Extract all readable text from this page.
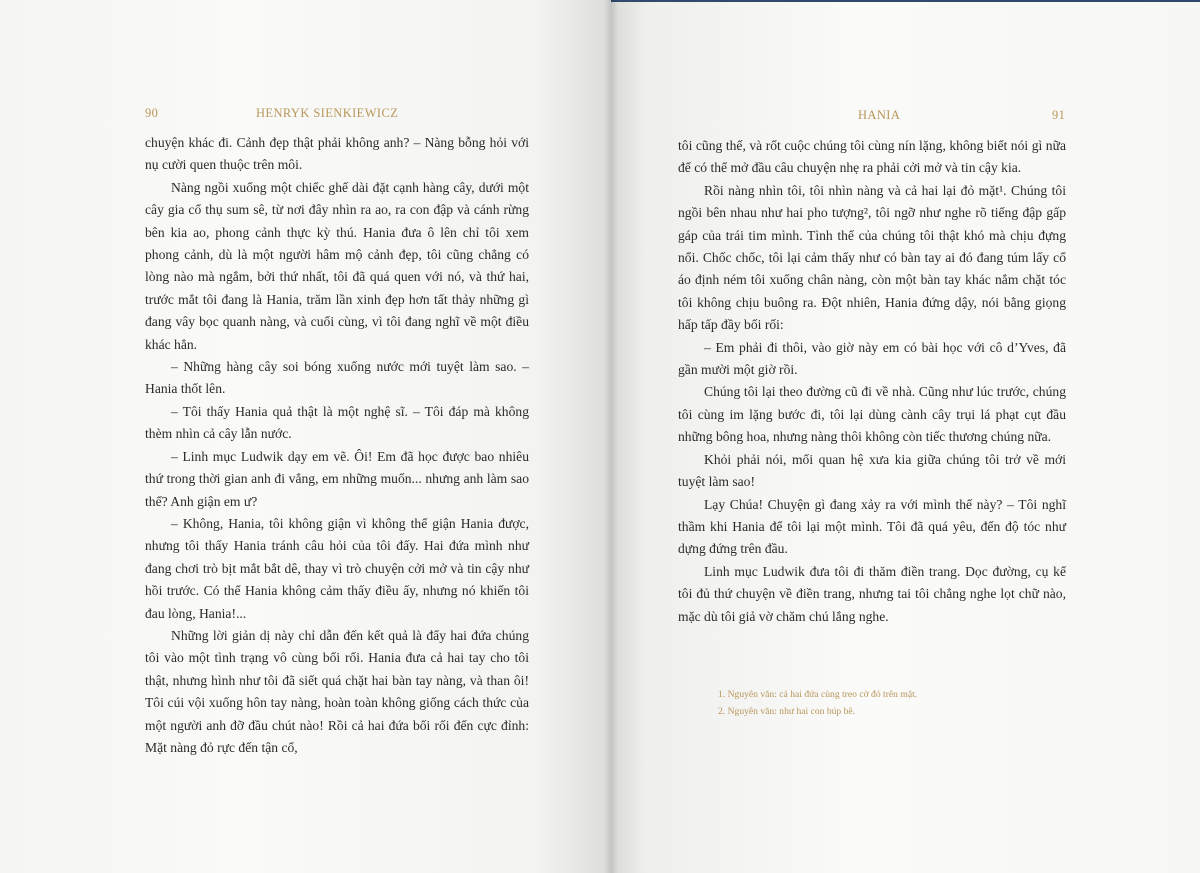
90	HENRYK SIENKIEWICZ

chuyện khác đi. Cảnh đẹp thật phải không anh? – Nàng bỗng hỏi với nụ cười quen thuộc trên môi.

Nàng ngồi xuống một chiếc ghế dài đặt cạnh hàng cây, dưới một cây gia cổ thụ sum sê, từ nơi đây nhìn ra ao, ra con đập và cánh rừng bên kia ao, phong cảnh thực kỳ thú. Hania đưa ô lên chỉ tôi xem phong cảnh, dù là một người hâm mộ cảnh đẹp, tôi cũng chẳng có lòng nào mà ngắm, bởi thứ nhất, tôi đã quá quen với nó, và thứ hai, trước mắt tôi đang là Hania, trăm lần xinh đẹp hơn tất thảy những gì đang vây bọc quanh nàng, và cuối cùng, vì tôi đang nghĩ về một điều khác hẳn.

– Những hàng cây soi bóng xuống nước mới tuyệt làm sao. – Hania thốt lên.

– Tôi thấy Hania quả thật là một nghệ sĩ. – Tôi đáp mà không thèm nhìn cả cây lẫn nước.

– Linh mục Ludwik dạy em vẽ. Ôi! Em đã học được bao nhiêu thứ trong thời gian anh đi vắng, em những muốn... nhưng anh làm sao thế? Anh giận em ư?

– Không, Hania, tôi không giận vì không thể giận Hania được, nhưng tôi thấy Hania tránh câu hỏi của tôi đấy. Hai đứa mình như đang chơi trò bịt mắt bắt dê, thay vì trò chuyện cởi mở và tin cậy như hồi trước. Có thể Hania không cảm thấy điều ấy, nhưng nó khiến tôi đau lòng, Hania!...

Những lời giản dị này chỉ dẫn đến kết quả là đẩy hai đứa chúng tôi vào một tình trạng vô cùng bối rối. Hania đưa cả hai tay cho tôi thật, nhưng hình như tôi đã siết quá chặt hai bàn tay nàng, và than ôi! Tôi cúi vội xuống hôn tay nàng, hoàn toàn không giống cách thức của một người anh đỡ đầu chút nào! Rồi cả hai đứa bối rối đến cực đỉnh: Mặt nàng đỏ rực đến tận cổ,

HANIA	91

tôi cũng thế, và rốt cuộc chúng tôi cùng nín lặng, không biết nói gì nữa để có thể mở đầu câu chuyện nhẹ ra phải cởi mở và tin cậy kia.

Rồi nàng nhìn tôi, tôi nhìn nàng và cả hai lại đỏ mặt¹. Chúng tôi ngồi bên nhau như hai pho tượng², tôi ngỡ như nghe rõ tiếng đập gấp gáp của trái tim mình. Tình thế của chúng tôi thật khó mà chịu đựng nổi. Chốc chốc, tôi lại cảm thấy như có bàn tay ai đó đang túm lấy cổ áo định ném tôi xuống chân nàng, còn một bàn tay khác nắm chặt tóc tôi không chịu buông ra. Đột nhiên, Hania đứng dậy, nói bằng giọng hấp tấp đầy bối rối:

– Em phải đi thôi, vào giờ này em có bài học với cô d’Yves, đã gần mười một giờ rồi.

Chúng tôi lại theo đường cũ đi về nhà. Cũng như lúc trước, chúng tôi cùng im lặng bước đi, tôi lại dùng cành cây trụi lá phạt cụt đầu những bông hoa, nhưng nàng thôi không còn tiếc thương chúng nữa.

Khỏi phải nói, mối quan hệ xưa kia giữa chúng tôi trở về mới tuyệt làm sao!

Lạy Chúa! Chuyện gì đang xảy ra với mình thế này? – Tôi nghĩ thầm khi Hania để tôi lại một mình. Tôi đã quá yêu, đến độ tóc như dựng đứng trên đầu.

Linh mục Ludwik đưa tôi đi thăm điền trang. Dọc đường, cụ kể tôi đủ thứ chuyện về điền trang, nhưng tai tôi chẳng nghe lọt chữ nào, mặc dù tôi giả vờ chăm chú lắng nghe.

1. Nguyên văn: cả hai đứa cùng treo cờ đỏ trên mặt.
2. Nguyên văn: như hai con búp bê.
